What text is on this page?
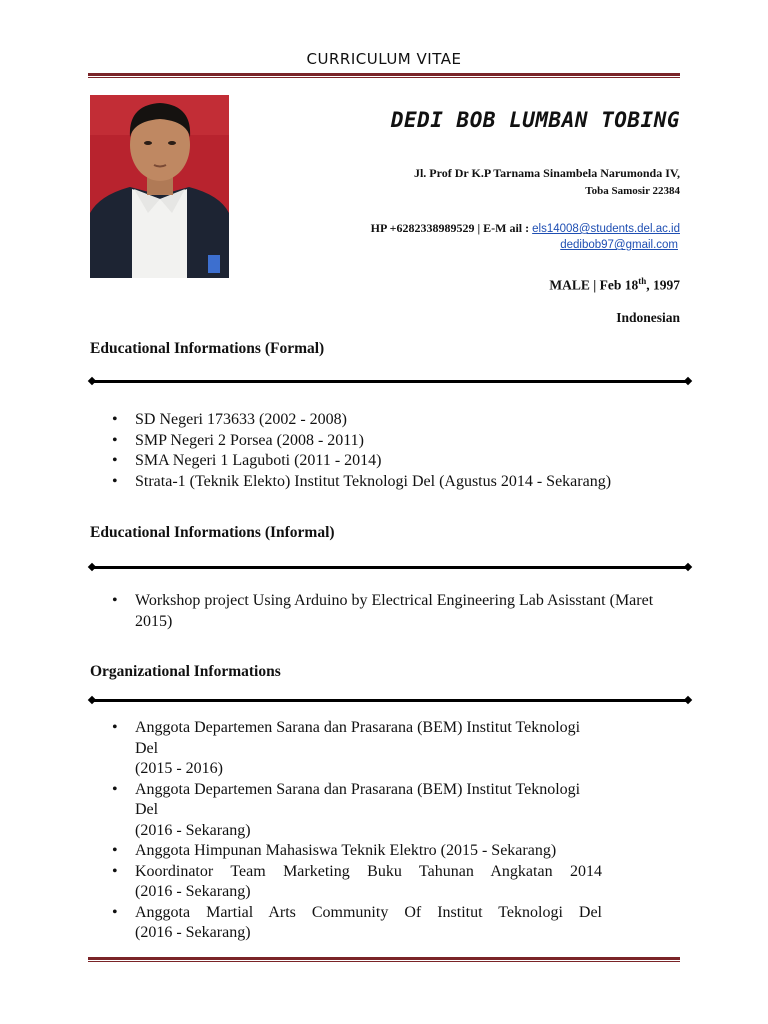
CURRICULUM VITAE
DEDI BOB LUMBAN TOBING
Jl. Prof Dr K.P Tarnama Sinambela Narumonda IV,
Toba Samosir 22384
HP +6282338989529 | E-M ail : els14008@students.del.ac.id
dedibob97@gmail.com
MALE | Feb 18th, 1997
Indonesian
Educational Informations (Formal)
• SD Negeri 173633 (2002 - 2008)
• SMP Negeri 2 Porsea (2008 - 2011)
• SMA Negeri 1 Laguboti (2011 - 2014)
• Strata-1 (Teknik Elekto) Institut Teknologi Del (Agustus 2014 - Sekarang)
Educational Informations (Informal)
• Workshop project Using Arduino by Electrical Engineering Lab Asisstant (Maret
2015)
Organizational Informations
• Anggota Departemen Sarana dan Prasarana (BEM) Institut Teknologi Del
(2015 - 2016)
• Anggota Departemen Sarana dan Prasarana (BEM) Institut Teknologi Del
(2016 - Sekarang)
• Anggota Himpunan Mahasiswa Teknik Elektro (2015 - Sekarang)
• Koordinator Team Marketing Buku Tahunan Angkatan 2014
(2016 - Sekarang)
• Anggota Martial Arts Community Of Institut Teknologi Del
(2016 - Sekarang)
